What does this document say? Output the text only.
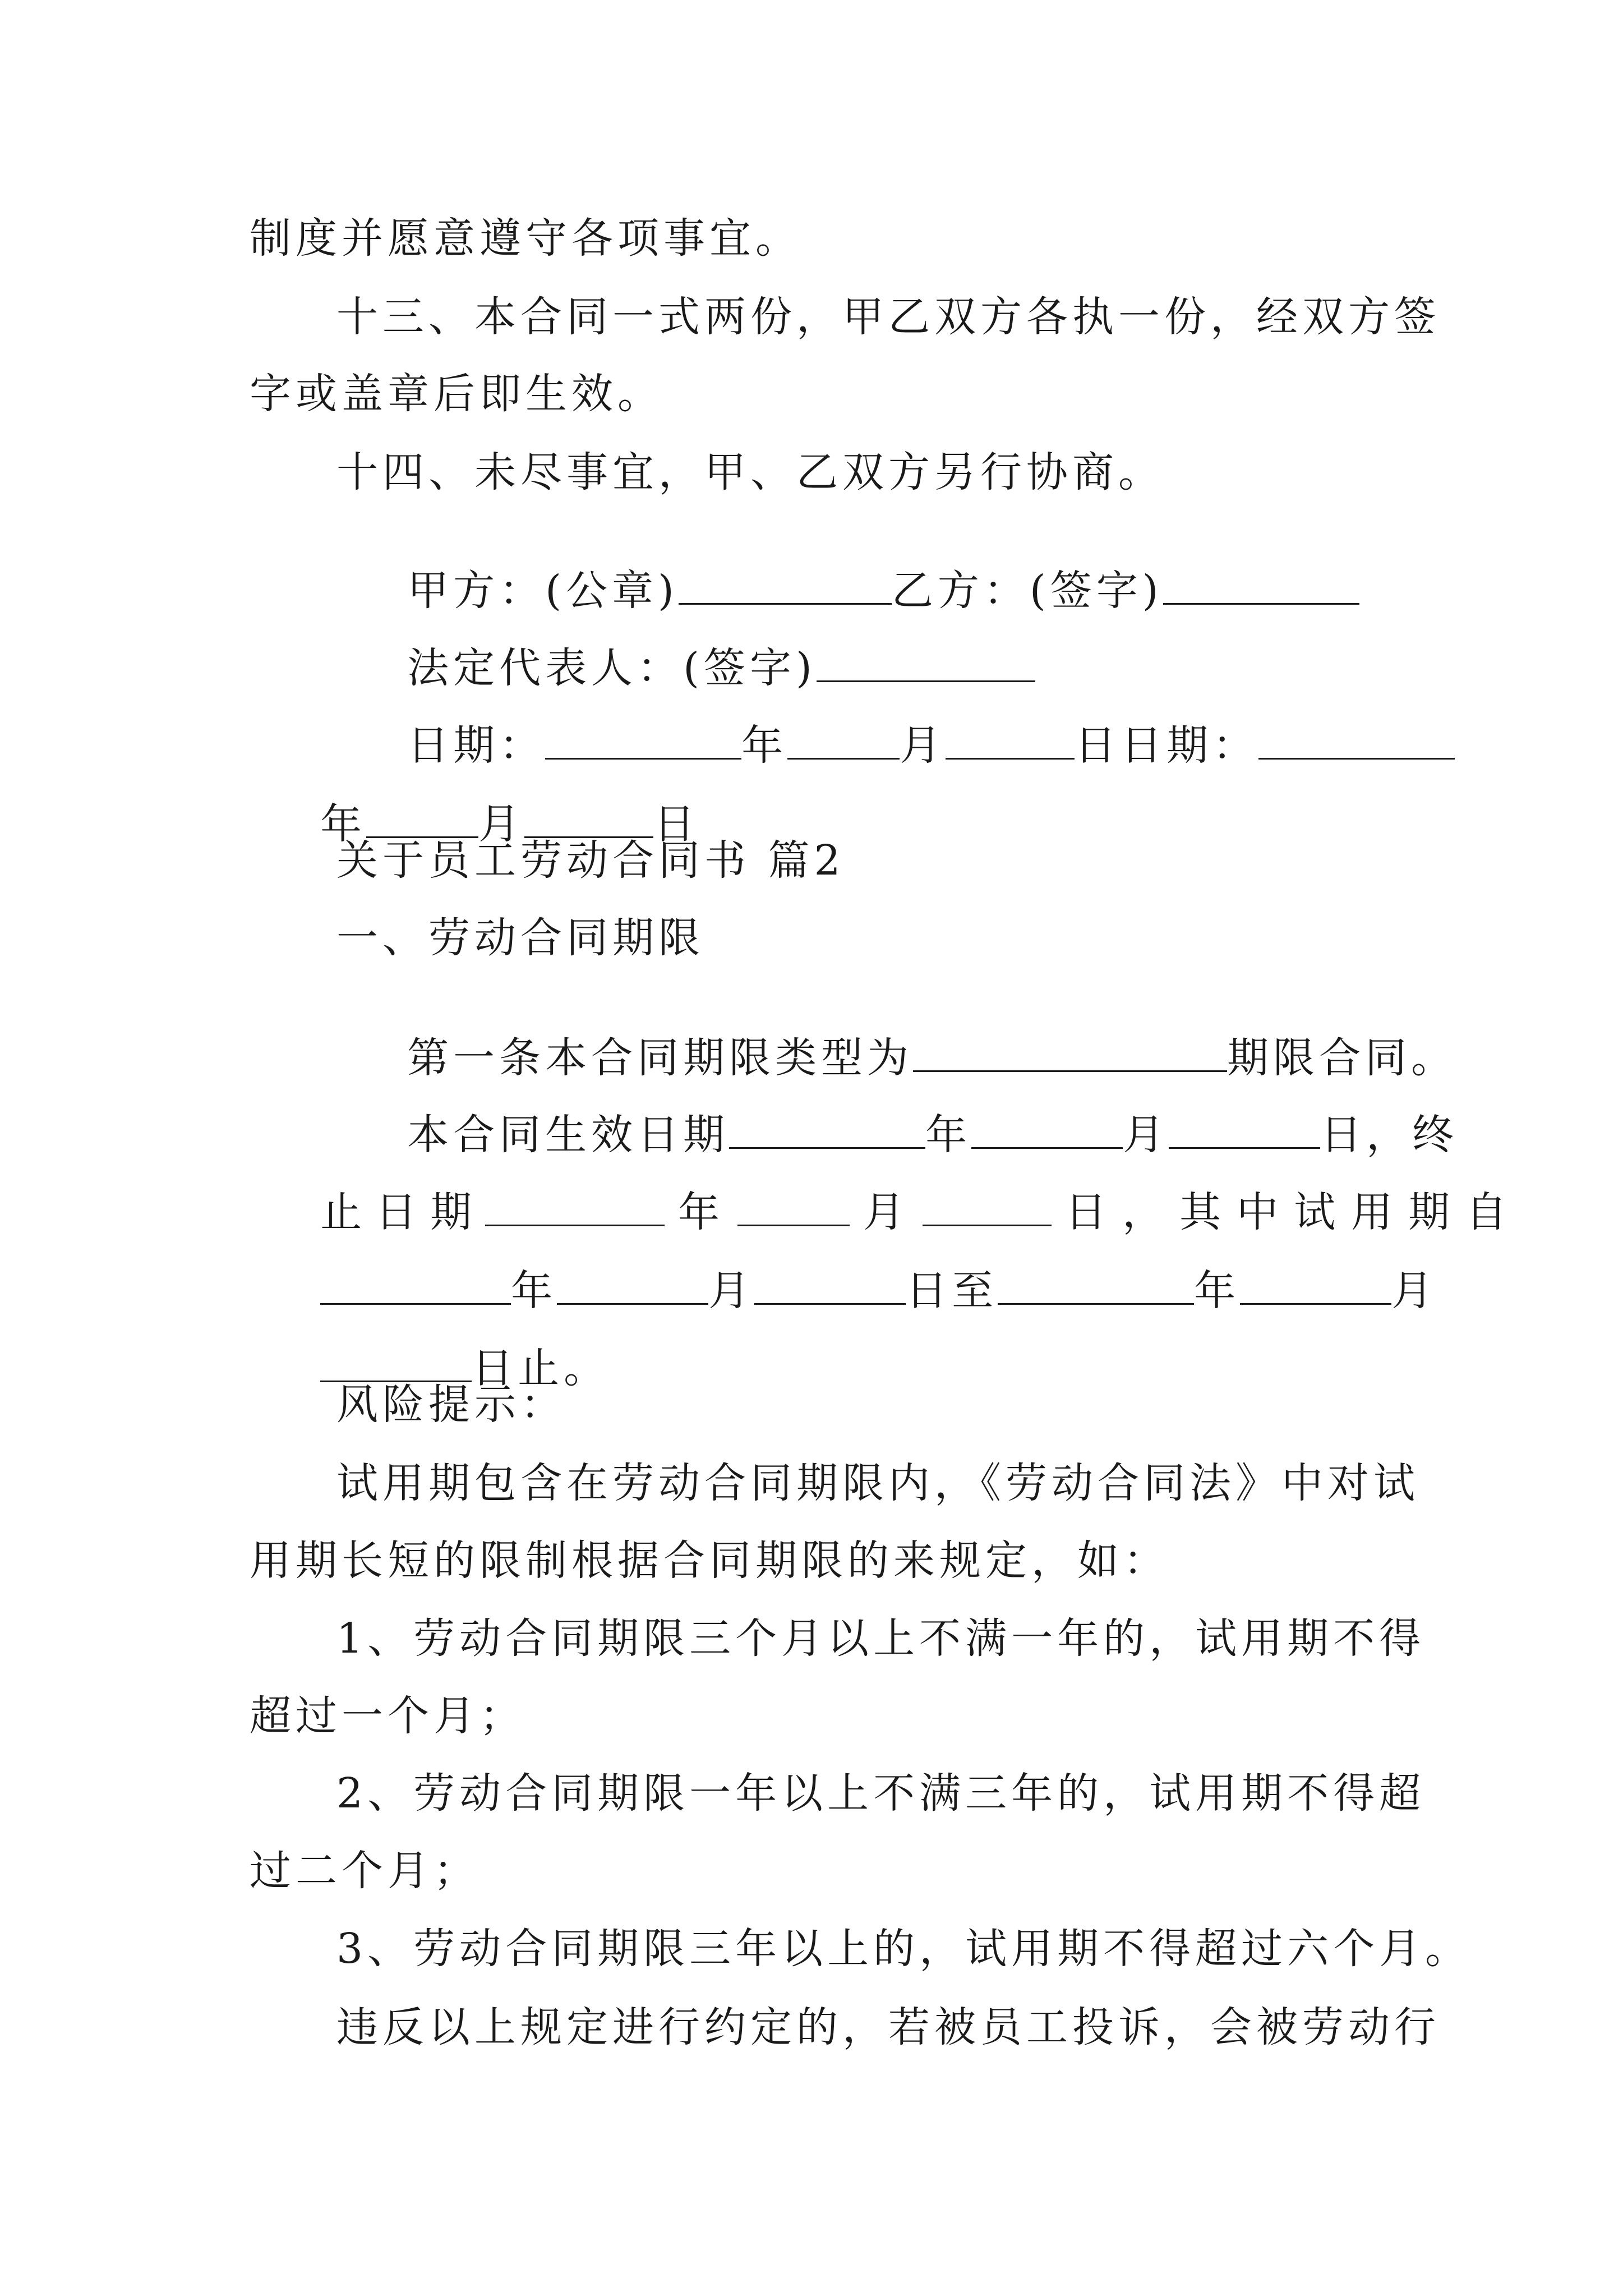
制度并愿意遵守各项事宜。
十三、本合同一式两份，甲乙双方各执一份，经双方签
字或盖章后即生效。
十四、未尽事宜，甲、乙双方另行协商。

甲方：(公章)	乙方：(签字)

法定代表人：(签字)

日期：	年	月	日日期：

年	月	日

关于员工劳动合同书 篇2
一、劳动合同期限

第一条本合同期限类型为	期限合同。

本合同生效日期	年	月	日，终

止日期	年	月	日，其中试用期自

年	月	日至	年	月

日止。

风险提示：
试用期包含在劳动合同期限内，《劳动合同法》中对试
用期长短的限制根据合同期限的来规定，如：
1、劳动合同期限三个月以上不满一年的，试用期不得
超过一个月；
2、劳动合同期限一年以上不满三年的，试用期不得超
过二个月；
3、劳动合同期限三年以上的，试用期不得超过六个月。
违反以上规定进行约定的，若被员工投诉，会被劳动行
